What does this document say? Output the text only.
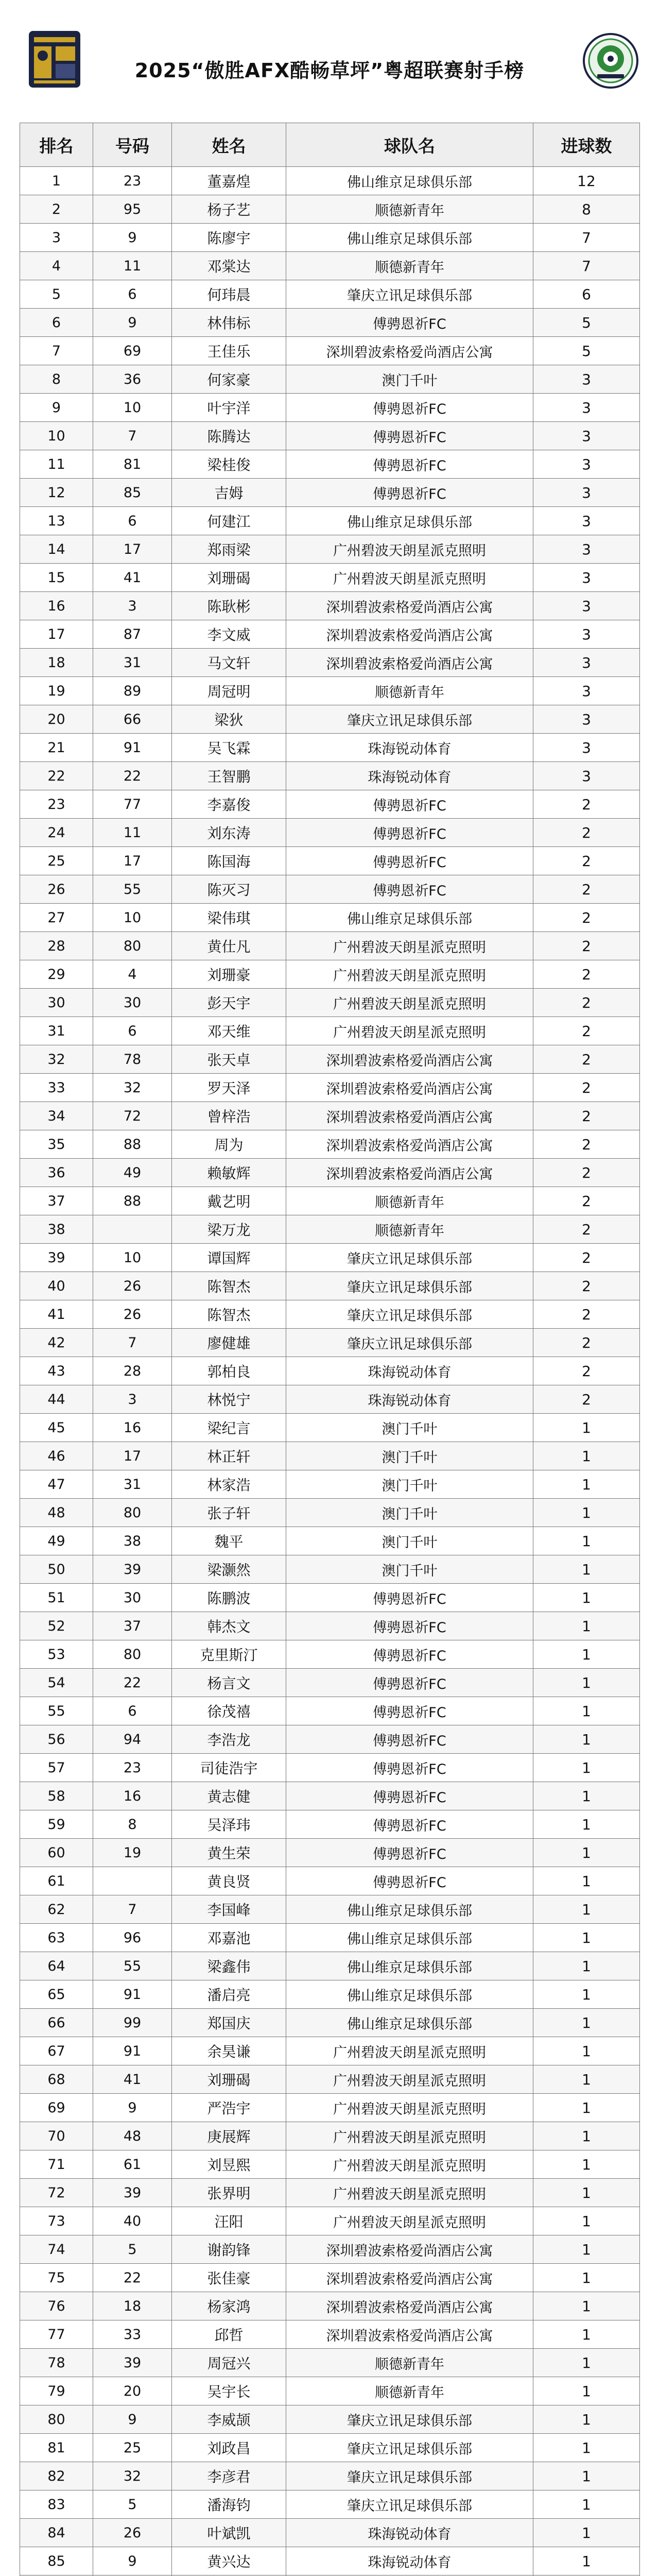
2025“傲胜AFX酷畅草坪”粤超联赛射手榜
排名	号码	姓名	球队名	进球数
1	23	董嘉煌	佛山维京足球俱乐部	12
2	95	杨子艺	顺德新青年	8
3	9	陈廖宇	佛山维京足球俱乐部	7
4	11	邓棠达	顺德新青年	7
5	6	何玮晨	肇庆立讯足球俱乐部	6
6	9	林伟标	傅骋恩祈FC	5
7	69	王佳乐	深圳碧波索格爱尚酒店公寓	5
8	36	何家豪	澳门千叶	3
9	10	叶宇洋	傅骋恩祈FC	3
10	7	陈腾达	傅骋恩祈FC	3
11	81	梁桂俊	傅骋恩祈FC	3
12	85	吉姆	傅骋恩祈FC	3
13	6	何建江	佛山维京足球俱乐部	3
14	17	郑雨梁	广州碧波天朗星派克照明	3
15	41	刘珊碣	广州碧波天朗星派克照明	3
16	3	陈耿彬	深圳碧波索格爱尚酒店公寓	3
17	87	李文威	深圳碧波索格爱尚酒店公寓	3
18	31	马文轩	深圳碧波索格爱尚酒店公寓	3
19	89	周冠明	顺德新青年	3
20	66	梁狄	肇庆立讯足球俱乐部	3
21	91	吴飞霖	珠海锐动体育	3
22	22	王智鹏	珠海锐动体育	3
23	77	李嘉俊	傅骋恩祈FC	2
24	11	刘东涛	傅骋恩祈FC	2
25	17	陈国海	傅骋恩祈FC	2
26	55	陈灭习	傅骋恩祈FC	2
27	10	梁伟琪	佛山维京足球俱乐部	2
28	80	黄仕凡	广州碧波天朗星派克照明	2
29	4	刘珊豪	广州碧波天朗星派克照明	2
30	30	彭天宇	广州碧波天朗星派克照明	2
31	6	邓天维	广州碧波天朗星派克照明	2
32	78	张天卓	深圳碧波索格爱尚酒店公寓	2
33	32	罗天泽	深圳碧波索格爱尚酒店公寓	2
34	72	曾梓浩	深圳碧波索格爱尚酒店公寓	2
35	88	周为	深圳碧波索格爱尚酒店公寓	2
36	49	赖敏辉	深圳碧波索格爱尚酒店公寓	2
37	88	戴艺明	顺德新青年	2
38		梁万龙	顺德新青年	2
39	10	谭国辉	肇庆立讯足球俱乐部	2
40	26	陈智杰	肇庆立讯足球俱乐部	2
41	26	陈智杰	肇庆立讯足球俱乐部	2
42	7	廖健雄	肇庆立讯足球俱乐部	2
43	28	郭柏良	珠海锐动体育	2
44	3	林悦宁	珠海锐动体育	2
45	16	梁纪言	澳门千叶	1
46	17	林正轩	澳门千叶	1
47	31	林家浩	澳门千叶	1
48	80	张子轩	澳门千叶	1
49	38	魏平	澳门千叶	1
50	39	梁灏然	澳门千叶	1
51	30	陈鹏波	傅骋恩祈FC	1
52	37	韩杰文	傅骋恩祈FC	1
53	80	克里斯汀	傅骋恩祈FC	1
54	22	杨言文	傅骋恩祈FC	1
55	6	徐茂禧	傅骋恩祈FC	1
56	94	李浩龙	傅骋恩祈FC	1
57	23	司徒浩宇	傅骋恩祈FC	1
58	16	黄志健	傅骋恩祈FC	1
59	8	吴泽玮	傅骋恩祈FC	1
60	19	黄生荣	傅骋恩祈FC	1
61		黄良贤	傅骋恩祈FC	1
62	7	李国峰	佛山维京足球俱乐部	1
63	96	邓嘉池	佛山维京足球俱乐部	1
64	55	梁鑫伟	佛山维京足球俱乐部	1
65	91	潘启亮	佛山维京足球俱乐部	1
66	99	郑国庆	佛山维京足球俱乐部	1
67	91	余昊谦	广州碧波天朗星派克照明	1
68	41	刘珊碣	广州碧波天朗星派克照明	1
69	9	严浩宇	广州碧波天朗星派克照明	1
70	48	庚展辉	广州碧波天朗星派克照明	1
71	61	刘昱熙	广州碧波天朗星派克照明	1
72	39	张界明	广州碧波天朗星派克照明	1
73	40	汪阳	广州碧波天朗星派克照明	1
74	5	谢韵锋	深圳碧波索格爱尚酒店公寓	1
75	22	张佳豪	深圳碧波索格爱尚酒店公寓	1
76	18	杨家鸿	深圳碧波索格爱尚酒店公寓	1
77	33	邱哲	深圳碧波索格爱尚酒店公寓	1
78	39	周冠兴	顺德新青年	1
79	20	吴宇长	顺德新青年	1
80	9	李威颉	肇庆立讯足球俱乐部	1
81	25	刘政昌	肇庆立讯足球俱乐部	1
82	32	李彦君	肇庆立讯足球俱乐部	1
83	5	潘海钧	肇庆立讯足球俱乐部	1
84	26	叶斌凯	珠海锐动体育	1
85	9	黄兴达	珠海锐动体育	1
